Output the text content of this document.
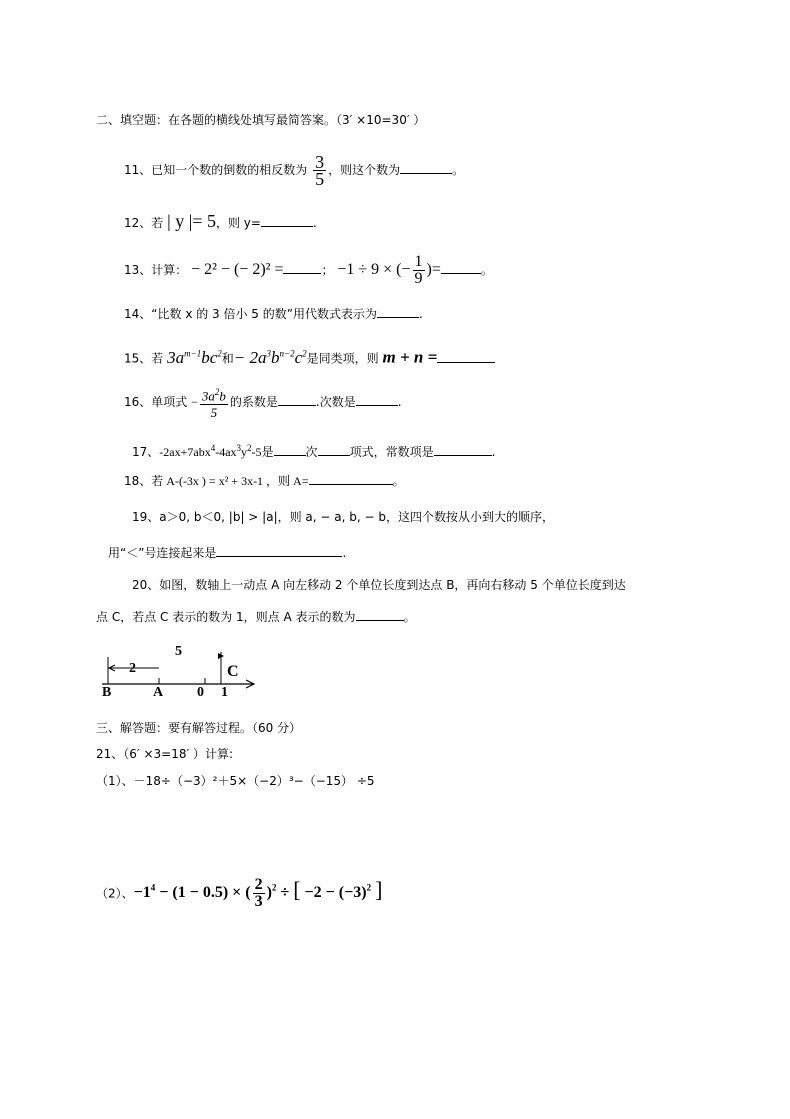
二、填空题：在各题的横线处填写最简答案。（3′ ×10=30′ ）
11、已知一个数的倒数的相反数为 $\frac{3}{5}$ ，则这个数为	。
12、若 | y |= 5，则 y=	.
13、计算： − 2² − (− 2)² =	； −1 ÷ 9 × (− $\frac{1}{9}$ )=	。
14、“比数 x 的 3 倍小 5 的数”用代数式表示为	.
15、若 $3a^{m-1}bc^2$和− $2a^3b^{n-2}c^2$是同类项，则 m + n =
16、单项式 − $\frac{3a^2b}{5}$ 的系数是	.次数是	.
17、$-2ax+7abx^4-4ax^3y^2-5$是	次	项式，常数项是	.
18、若 A-(-3x ) = x² + 3x-1 ，则 A=	。
19、a＞0, b＜0, |b| > |a|，则 a, − a, b, − b，这四个数按从小到大的顺序，
用“＜”号连接起来是	.
20、如图，数轴上一动点 A 向左移动 2 个单位长度到达点 B，再向右移动 5 个单位长度到达
点 C，若点 C 表示的数为 1，则点 A 表示的数为	。
2
5
C
B	A 0 1
三、解答题：要有解答过程。（60 分）
21、（6′ ×3=18′ ）计算:
（1）、－18÷（−3）²＋5×（−2）³−（−15） ÷5
（2）、$-1^4 - (1 - 0.5)$ × ( $\frac{2}{3} )^2$ ÷ [ $-2 - (-3)^2$ ]
